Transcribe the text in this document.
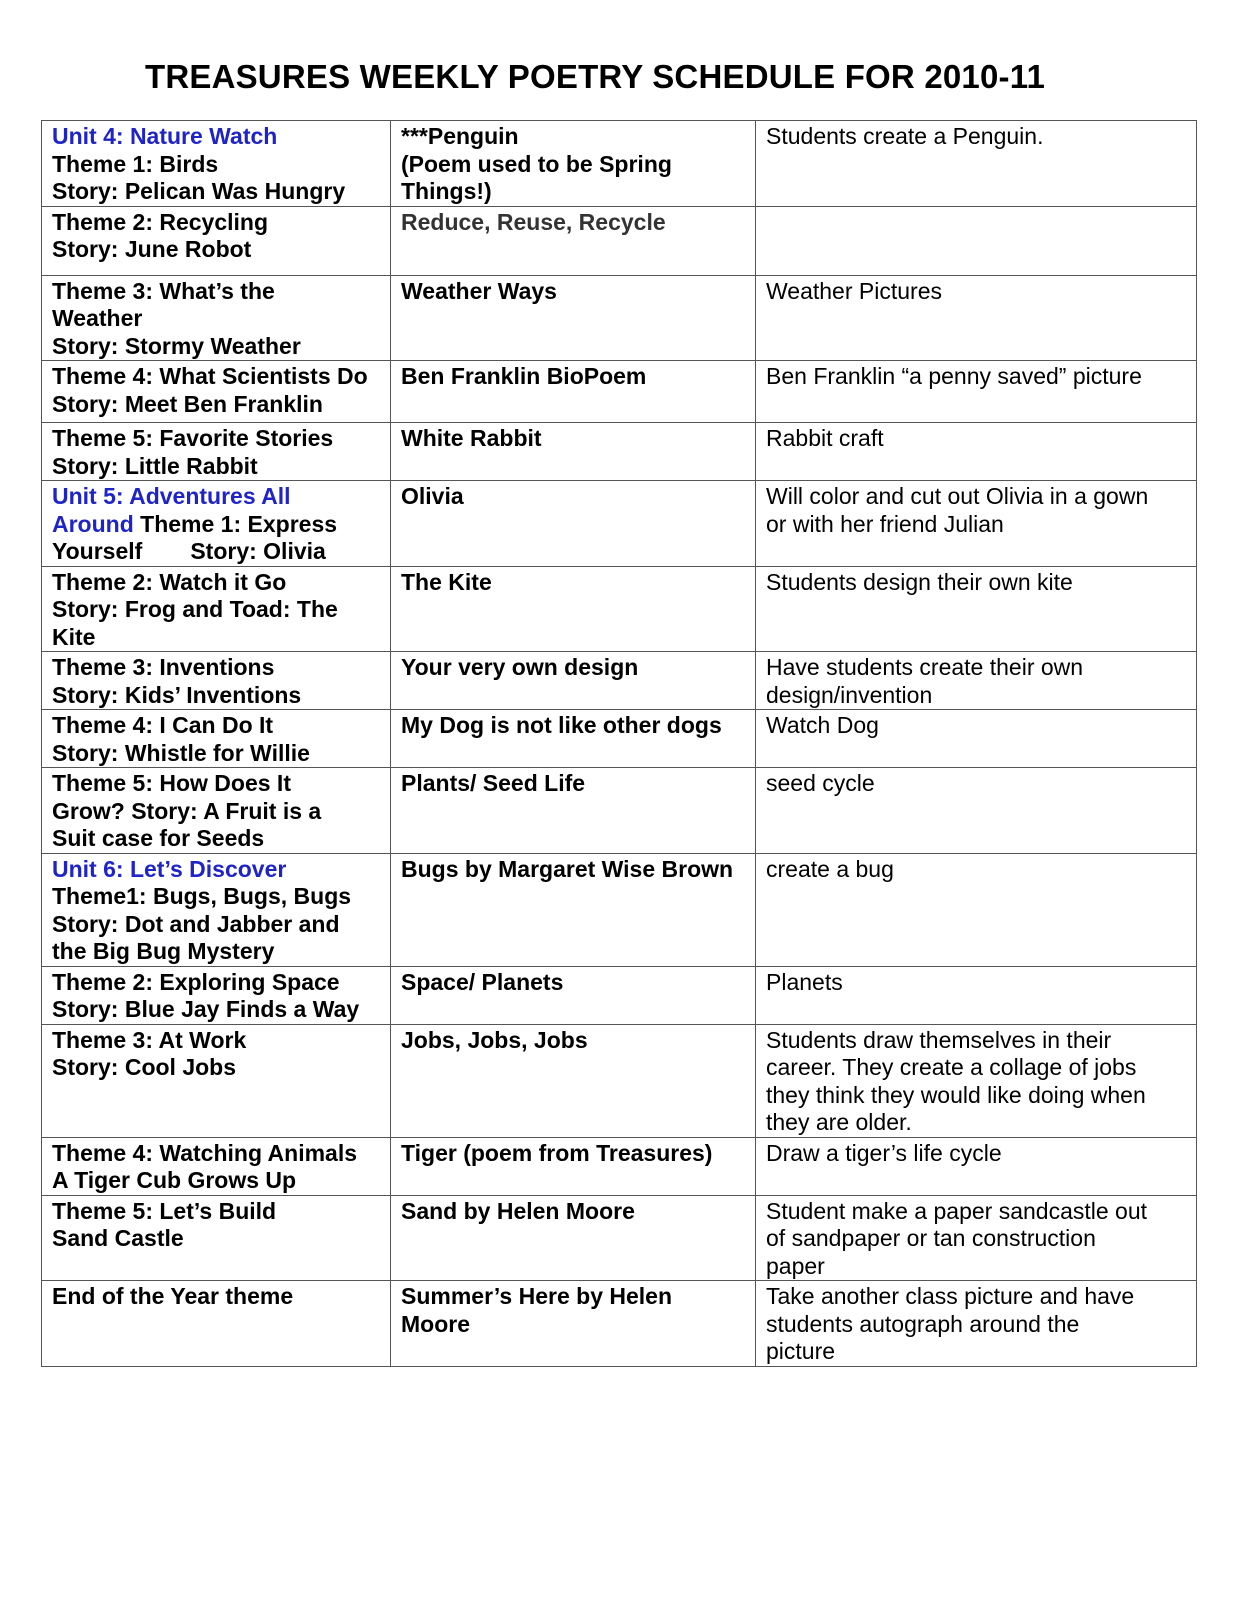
TREASURES WEEKLY POETRY SCHEDULE FOR 2010-11
Unit 4: Nature Watch
Theme 1: Birds
Story: Pelican Was Hungry	***Penguin
(Poem used to be Spring
Things!)	Students create a Penguin.

Theme 2: Recycling
Story: June Robot	Reduce, Reuse, Recycle	

Theme 3: What’s the
Weather
Story: Stormy Weather	Weather Ways	Weather Pictures

Theme 4: What Scientists Do
Story: Meet Ben Franklin	Ben Franklin BioPoem	Ben Franklin “a penny saved” picture

Theme 5: Favorite Stories
Story: Little Rabbit	White Rabbit	Rabbit craft

Unit 5: Adventures All
Around Theme 1: Express
Yourself Story: Olivia	Olivia	Will color and cut out Olivia in a gown
or with her friend Julian

Theme 2: Watch it Go
Story: Frog and Toad: The
Kite	The Kite	Students design their own kite

Theme 3: Inventions
Story: Kids’ Inventions	Your very own design	Have students create their own
design/invention

Theme 4: I Can Do It
Story: Whistle for Willie	My Dog is not like other dogs	Watch Dog

Theme 5: How Does It
Grow? Story: A Fruit is a
Suit case for Seeds	Plants/ Seed Life	seed cycle

Unit 6: Let’s Discover
Theme1: Bugs, Bugs, Bugs
Story: Dot and Jabber and
the Big Bug Mystery	Bugs by Margaret Wise Brown	create a bug

Theme 2: Exploring Space
Story: Blue Jay Finds a Way	Space/ Planets	Planets

Theme 3: At Work
Story: Cool Jobs	Jobs, Jobs, Jobs	Students draw themselves in their
career. They create a collage of jobs
they think they would like doing when
they are older.

Theme 4: Watching Animals
A Tiger Cub Grows Up	Tiger (poem from Treasures)	Draw a tiger’s life cycle

Theme 5: Let’s Build
Sand Castle	Sand by Helen Moore	Student make a paper sandcastle out
of sandpaper or tan construction
paper

End of the Year theme	Summer’s Here by Helen
Moore	Take another class picture and have
students autograph around the
picture
